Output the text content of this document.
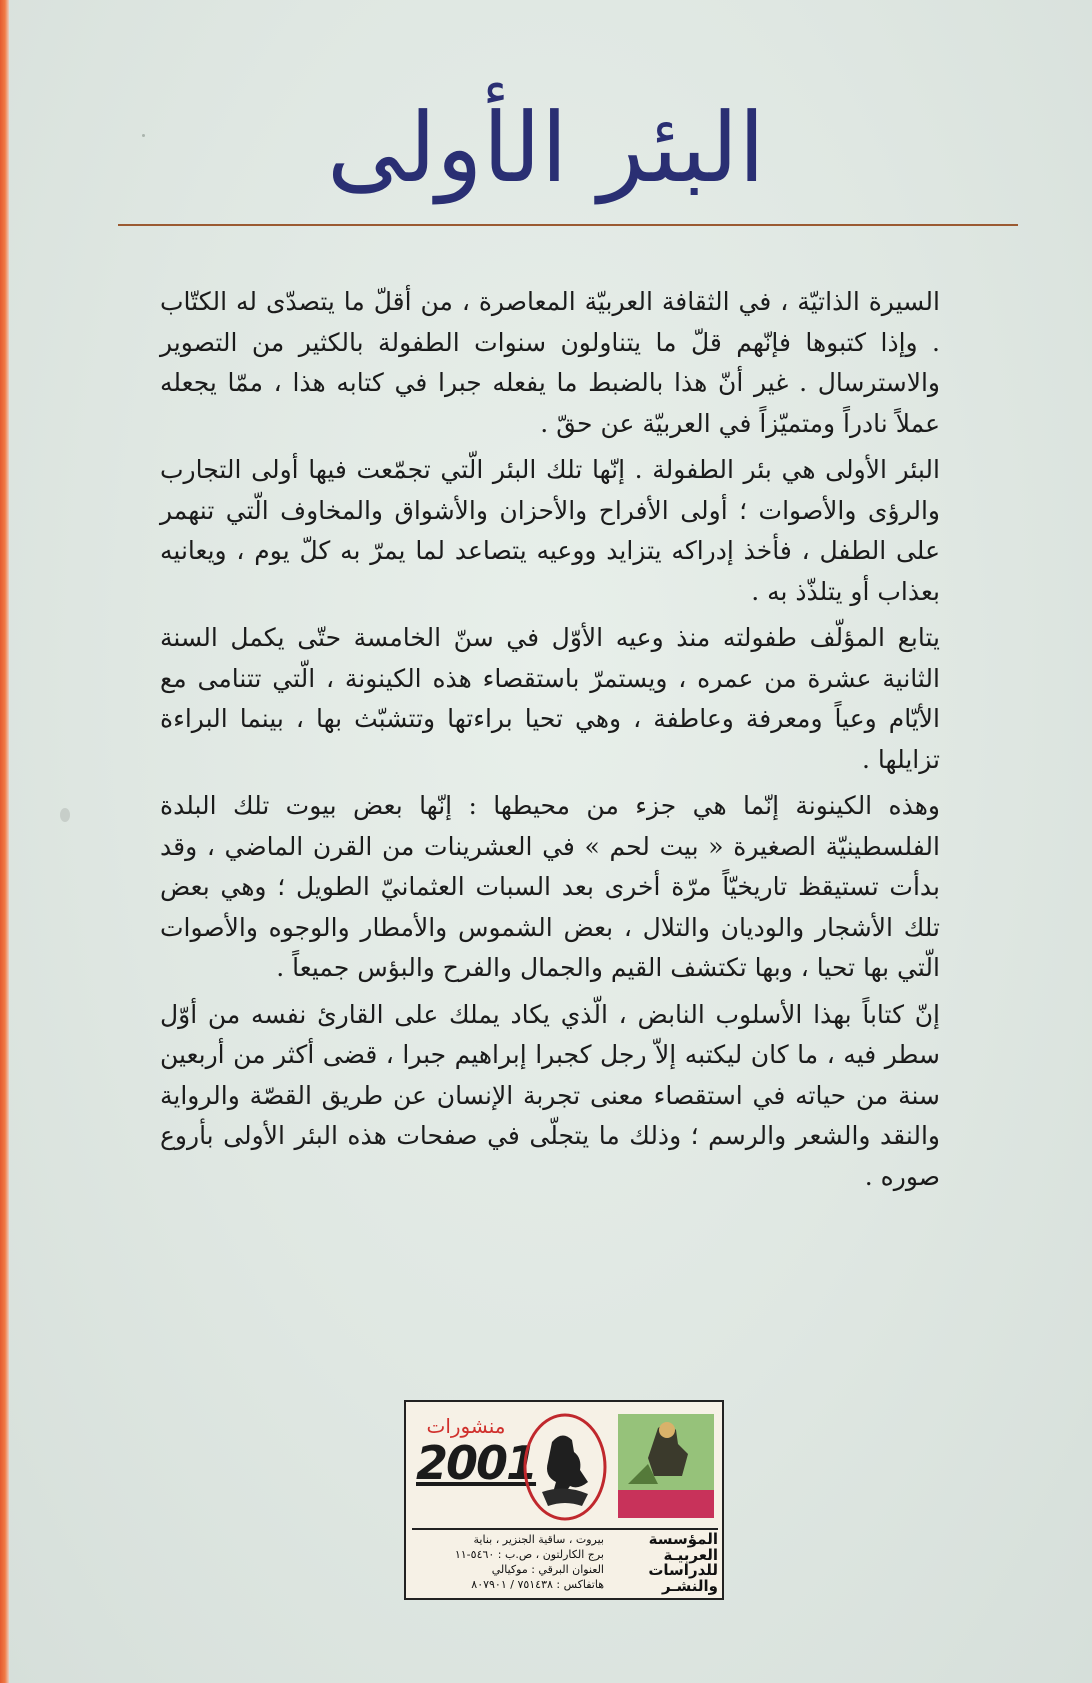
البئر الأولى

السيرة الذاتيّة ، في الثقافة العربيّة المعاصرة ، من أقلّ ما يتصدّى له الكتّاب . وإذا كتبوها فإنّهم قلّ ما يتناولون سنوات الطفولة بالكثير من التصوير والاسترسال . غير أنّ هذا بالضبط ما يفعله جبرا في كتابه هذا ، ممّا يجعله عملاً نادراً ومتميّزاً في العربيّة عن حقّ .

البئر الأولى هي بئر الطفولة . إنّها تلك البئر الّتي تجمّعت فيها أولى التجارب والرؤى والأصوات ؛ أولى الأفراح والأحزان والأشواق والمخاوف الّتي تنهمر على الطفل ، فأخذ إدراكه يتزايد ووعيه يتصاعد لما يمرّ به كلّ يوم ، ويعانيه بعذاب أو يتلذّذ به .

يتابع المؤلّف طفولته منذ وعيه الأوّل في سنّ الخامسة حتّى يكمل السنة الثانية عشرة من عمره ، ويستمرّ باستقصاء هذه الكينونة ، الّتي تتنامى مع الأيّام وعياً ومعرفة وعاطفة ، وهي تحيا براءتها وتتشبّث بها ، بينما البراءة تزايلها .

وهذه الكينونة إنّما هي جزء من محيطها : إنّها بعض بيوت تلك البلدة الفلسطينيّة الصغيرة « بيت لحم » في العشرينات من القرن الماضي ، وقد بدأت تستيقظ تاريخيّاً مرّة أخرى بعد السبات العثمانيّ الطويل ؛ وهي بعض تلك الأشجار والوديان والتلال ، بعض الشموس والأمطار والوجوه والأصوات الّتي بها تحيا ، وبها تكتشف القيم والجمال والفرح والبؤس جميعاً .

إنّ كتاباً بهذا الأسلوب النابض ، الّذي يكاد يملك على القارئ نفسه من أوّل سطر فيه ، ما كان ليكتبه إلاّ رجل كجبرا إبراهيم جبرا ، قضى أكثر من أربعين سنة من حياته في استقصاء معنى تجربة الإنسان عن طريق القصّة والرواية والنقد والشعر والرسم ؛ وذلك ما يتجلّى في صفحات هذه البئر الأولى بأروع صوره .

منشورات
2001
بيروت ، ساقية الجنزير ، بناية
برج الكارلتون ، ص.ب : ٥٤٦٠-١١
العنوان البرقي : موكيالي
هاتفاكس : ٧٥١٤٣٨ / ٨٠٧٩٠١
المؤسسة
العربيـة
للدراسات
والنشـر
